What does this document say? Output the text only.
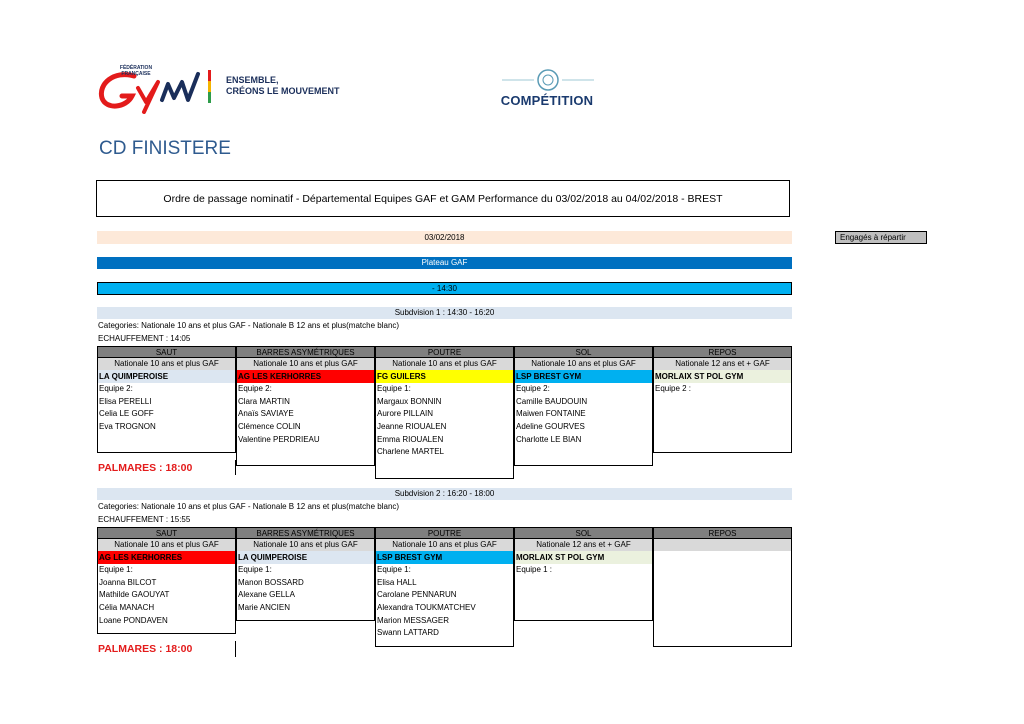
FÉDÉRATION
FRANÇAISE
ENSEMBLE,
CRÉONS LE MOUVEMENT
COMPÉTITION
CD FINISTERE
Ordre de passage nominatif - Départemental Equipes GAF et GAM Performance du 03/02/2018 au 04/02/2018 - BREST
03/02/2018	Engagés à répartir
Plateau GAF
- 14:30
Subdvision 1 : 14:30 - 16:20
Categories: Nationale 10 ans et plus GAF - Nationale B 12 ans et plus(matche blanc)
ECHAUFFEMENT : 14:05
SAUT
Nationale 10 ans et plus GAF
LA QUIMPEROISE
Equipe 2:
Elisa PERELLI
Celia LE GOFF
Eva TROGNON
BARRES ASYMÉTRIQUES
Nationale 10 ans et plus GAF
AG LES KERHORRES
Equipe 2:
Clara MARTIN
Anaïs SAVIAYE
Clémence COLIN
Valentine PERDRIEAU
POUTRE
Nationale 10 ans et plus GAF
FG GUILERS
Equipe 1:
Margaux BONNIN
Aurore PILLAIN
Jeanne RIOUALEN
Emma RIOUALEN
Charlene MARTEL
SOL
Nationale 10 ans et plus GAF
LSP BREST GYM
Equipe 2:
Camille BAUDOUIN
Maiwen FONTAINE
Adeline GOURVES
Charlotte LE BIAN
REPOS
Nationale 12 ans et + GAF
MORLAIX ST POL GYM
Equipe 2 :
PALMARES : 18:00
Subdvision 2 : 16:20 - 18:00
Categories: Nationale 10 ans et plus GAF - Nationale B 12 ans et plus(matche blanc)
ECHAUFFEMENT : 15:55
SAUT
Nationale 10 ans et plus GAF
AG LES KERHORRES
Equipe 1:
Joanna BILCOT
Mathilde GAOUYAT
Célia MANACH
Loane PONDAVEN
BARRES ASYMÉTRIQUES
Nationale 10 ans et plus GAF
LA QUIMPEROISE
Equipe 1:
Manon BOSSARD
Alexane GELLA
Marie ANCIEN
POUTRE
Nationale 10 ans et plus GAF
LSP BREST GYM
Equipe 1:
Elisa HALL
Carolane PENNARUN
Alexandra TOUKMATCHEV
Marion MESSAGER
Swann LATTARD
SOL
Nationale 12 ans et + GAF
MORLAIX ST POL GYM
Equipe 1 :
REPOS
PALMARES : 18:00
